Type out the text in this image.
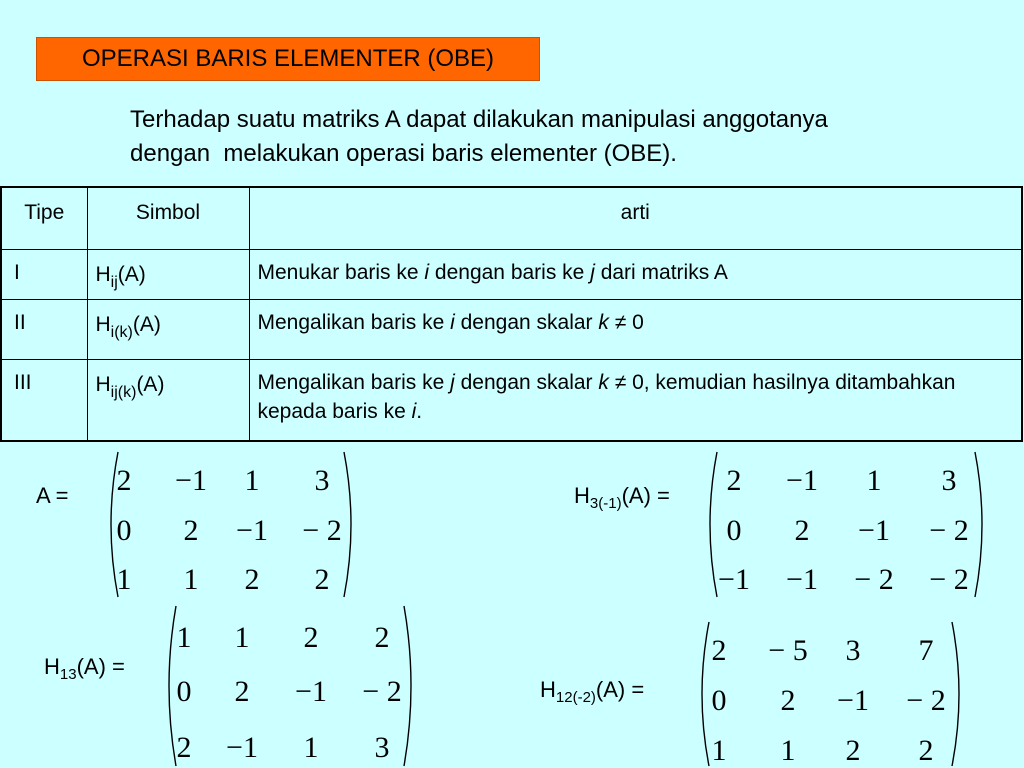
OPERASI BARIS ELEMENTER (OBE)
Terhadap suatu matriks A dapat dilakukan manipulasi anggotanya
dengan  melakukan operasi baris elementer (OBE).
Tipe	Simbol	arti
I	$H_{ij}(A)$	Menukar baris ke i dengan baris ke j dari matriks A
II	$H_{i(k)}(A)$	Mengalikan baris ke i dengan skalar k ≠ 0
III	$H_{ij(k)}(A)$	Mengalikan baris ke j dengan skalar k ≠ 0, kemudian hasilnya ditambahkan kepada baris ke i.
A =	$H_{3(-1)}(A)$ =
$H_{13}(A)$ =
$H_{12(-2)}(A)$ =
2 −1 1 3
0 2 −1 − 2
1 1 2 2
2 −1 1 3
0 2 −1 − 2
−1 −1 − 2 − 2
1 1 2 2
0 2 −1 − 2
2 −1 1 3
2 − 5 3 7
0 2 −1 − 2
1 1 2 2
